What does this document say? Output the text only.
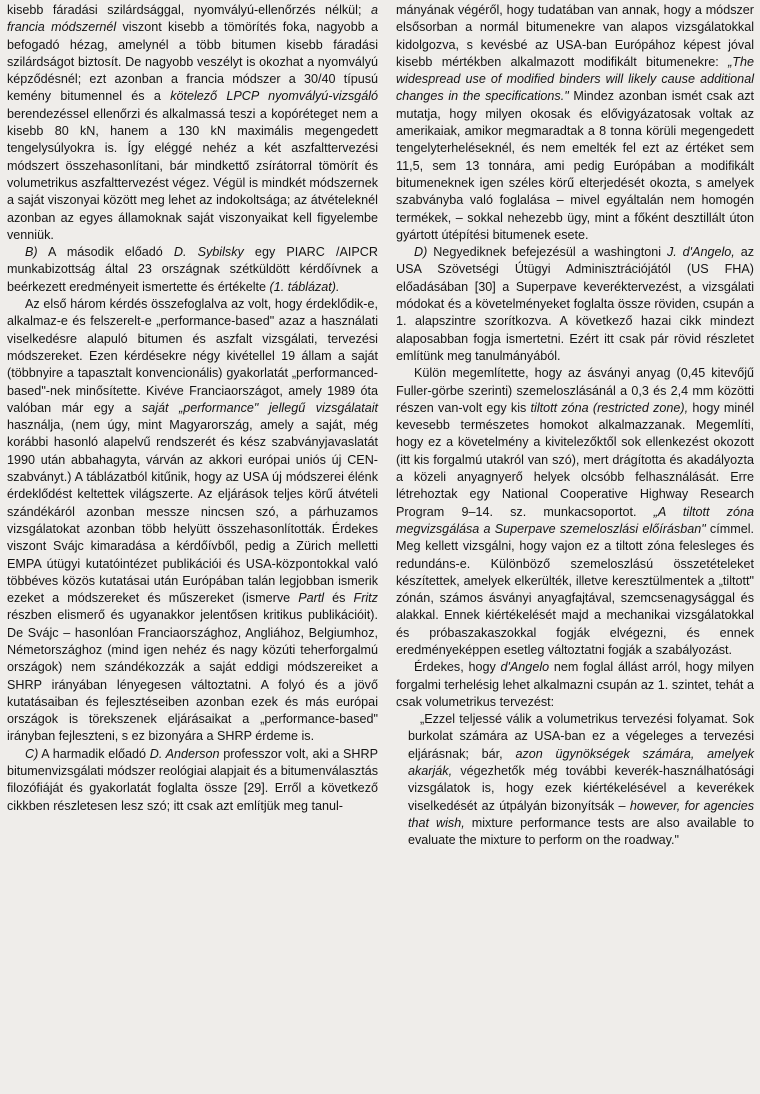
kisebb fáradási szilárdsággal, nyomvályú-ellenőrzés nélkül; a francia módszernél viszont kisebb a tömörítés foka, nagyobb a befogadó hézag, amelynél a több bitumen kisebb fáradási szilárdságot biztosít. De nagyobb veszélyt is okozhat a nyomvályú képződésnél; ezt azonban a francia módszer a 30/40 típusú kemény bitumennel és a kötelező LPCP nyomvályú-vizsgáló berendezéssel ellenőrzi és alkalmassá teszi a kopóréteget nem a kisebb 80 kN, hanem a 130 kN maximális megengedett tengelysúlyokra is. Így eléggé nehéz a két aszfalttervezési módszert összehasonlítani, bár mindkettő zsírátorral tömörít és volumetrikus aszfalttervezést végez. Végül is mindkét módszernek a saját viszonyai között meg lehet az indokoltsága; az átvételeknél azonban az egyes államoknak saját viszonyaikat kell figyelembe venniük.

B) A második előadó D. Sybilsky egy PIARC /AIPCR munkabizottság által 23 országnak szétküldött kérdőívnek a beérkezett eredményeit ismertette és értékelte (1. táblázat).

Az első három kérdés összefoglalva az volt, hogy érdeklődik-e, alkalmaz-e és felszerelt-e „performance-based" azaz a használati viselkedésre alapuló bitumen és aszfalt vizsgálati, tervezési módszereket. Ezen kérdésekre négy kivétellel 19 állam a saját (többnyire a tapasztalt konvencionális) gyakorlatát „performanced-based"-nek minősítette. Kivéve Franciaországot, amely 1989 óta valóban már egy a saját „performance" jellegű vizsgálatait használja, (nem úgy, mint Magyarország, amely a saját, még korábbi hasonló alapelvű rendszerét és kész szabványjavaslatát 1990 után abbahagyta, várván az akkori európai uniós új CEN-szabványt.) A táblázatból kitűnik, hogy az USA új módszerei élénk érdeklődést keltettek világszerte. Az eljárások teljes körű átvételi szándékáról azonban messze nincsen szó, a párhuzamos vizsgálatokat azonban több helyütt összehasonlították. Érdekes viszont Svájc kimaradása a kérdőívből, pedig a Zürich melletti EMPA útügyi kutatóintézet publikációi és USA-központokkal való többéves közös kutatásai után Európában talán legjobban ismerik ezeket a módszereket és műszereket (ismerve Partl és Fritz részben elismerő és ugyanakkor jelentősen kritikus publikációit). De Svájc – hasonlóan Franciaországhoz, Angliához, Belgiumhoz, Németországhoz (mind igen nehéz és nagy közúti teherforgalmú országok) nem szándékozzák a saját eddigi módszereiket a SHRP irányában lényegesen változtatni. A folyó és a jövő kutatásaiban és fejlesztéseiben azonban ezek és más európai országok is törekszenek eljárásaikat a „performance-based" irányban fejleszteni, s ez bizonyára a SHRP érdeme is.

C) A harmadik előadó D. Anderson professzor volt, aki a SHRP bitumenvizsgálati módszer reológiai alapjait és a bitumenválasztás filozófiáját és gyakorlatát foglalta össze [29]. Erről a következő cikkben részletesen lesz szó; itt csak azt említjük meg tanul-

mányának végéről, hogy tudatában van annak, hogy a módszer elsősorban a normál bitumenekre van alapos vizsgálatokkal kidolgozva, s kevésbé az USA-ban Európához képest jóval kisebb mértékben alkalmazott modifikált bitumenekre: „The widespread use of modified binders will likely cause additional changes in the specifications." Mindez azonban ismét csak azt mutatja, hogy milyen okosak és elővigyázatosak voltak az amerikaiak, amikor megmaradtak a 8 tonna körüli megengedett tengelyterheléseknél, és nem emelték fel ezt az értéket sem 11,5, sem 13 tonnára, ami pedig Európában a modifikált bitumeneknek igen széles körű elterjedését okozta, s amelyek szabványba való foglalása – mivel egyáltalán nem homogén termékek, – sokkal nehezebb ügy, mint a főként desztillált úton gyártott útépítési bitumenek esete.

D) Negyediknek befejezésül a washingtoni J. d'Angelo, az USA Szövetségi Útügyi Adminisztrációjától (US FHA) előadásában [30] a Superpave keveréktervezést, a vizsgálati módokat és a követelményeket foglalta össze röviden, csupán a 1. alapszintre szorítkozva. A következő hazai cikk mindezt alaposabban fogja ismertetni. Ezért itt csak pár rövid részletet említünk meg tanulmányából.

Külön megemlítette, hogy az ásványi anyag (0,45 kitevőjű Fuller-görbe szerinti) szemeloszlásánál a 0,3 és 2,4 mm közötti részen van-volt egy kis tiltott zóna (restricted zone), hogy minél kevesebb természetes homokot alkalmazzanak. Megemlíti, hogy ez a követelmény a kivitelezőktől sok ellenkezést okozott (itt kis forgalmú utakról van szó), mert drágította és akadályozta a közeli anyagnyerő helyek olcsóbb felhasználását. Erre létrehoztak egy National Cooperative Highway Research Program 9–14. sz. munkacsoportot. „A tiltott zóna megvizsgálása a Superpave szemeloszlási előírásban" címmel. Meg kellett vizsgálni, hogy vajon ez a tiltott zóna felesleges és redundáns-e. Különböző szemeloszlású összetételeket készítettek, amelyek elkerülték, illetve keresztülmentek a „tiltott" zónán, számos ásványi anyagfajtával, szemcsenagysággal és alakkal. Ennek kiértékelését majd a mechanikai vizsgálatokkal és próbaszakaszokkal fogják elvégezni, és ennek eredményeképpen esetleg változtatni fogják a szabályozást.

Érdekes, hogy d'Angelo nem foglal állást arról, hogy milyen forgalmi terhelésig lehet alkalmazni csupán az 1. szintet, tehát a csak volumetrikus tervezést:

„Ezzel teljessé válik a volumetrikus tervezési folyamat. Sok burkolat számára az USA-ban ez a végeleges a tervezési eljárásnak; bár, azon ügynökségek számára, amelyek akarják, végezhetők még további keverék-használhatósági vizsgálatok is, hogy ezek kiértékelésével a keverékek viselkedését az útpályán bizonyítsák – however, for agencies that wish, mixture performance tests are also available to evaluate the mixture to perform on the roadway."
